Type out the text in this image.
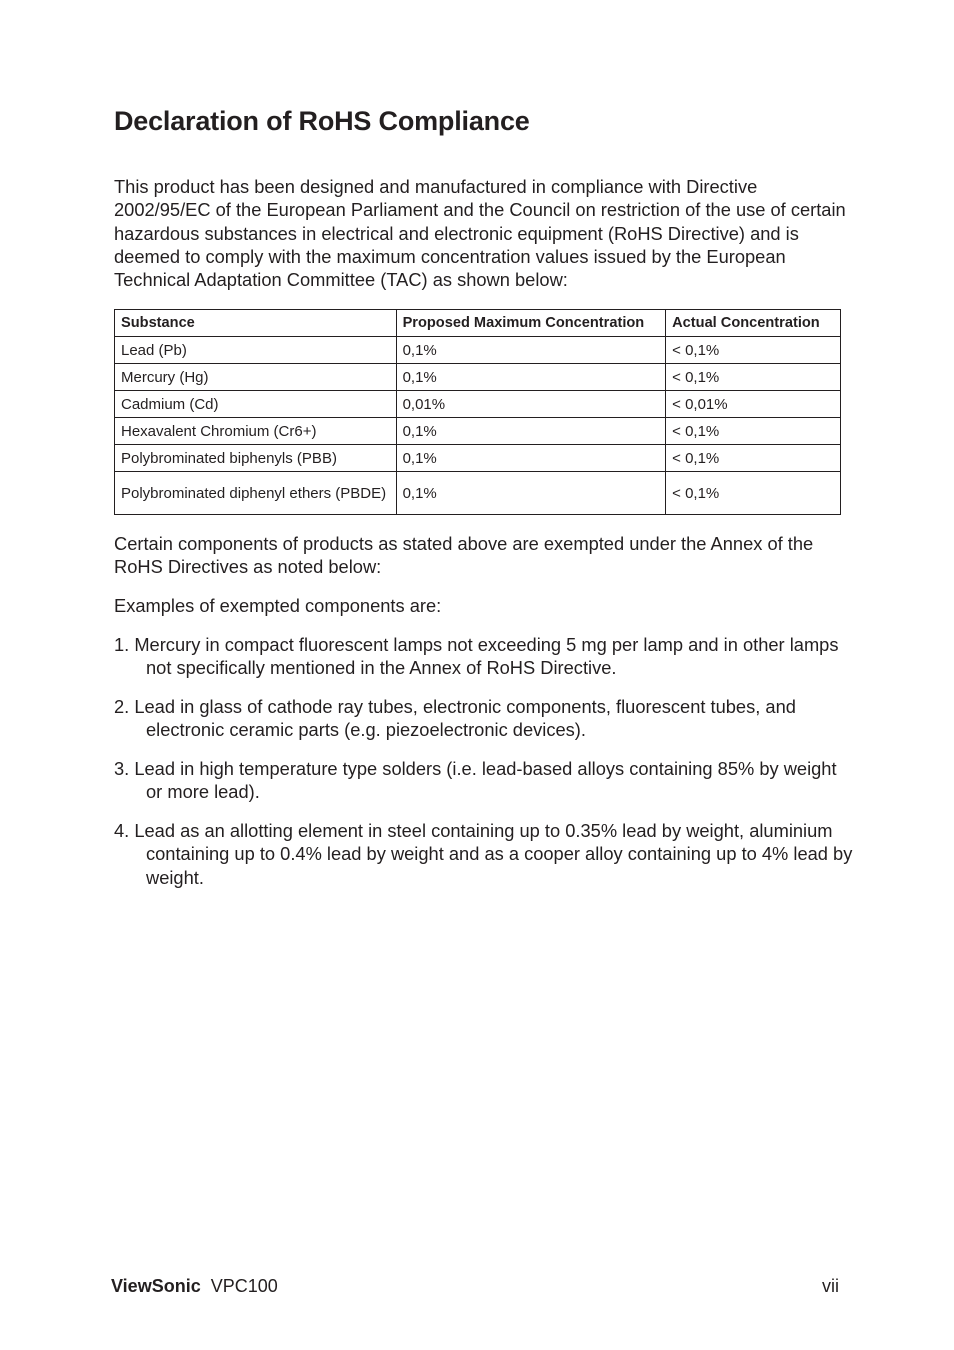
Declaration of RoHS Compliance

This product has been designed and manufactured in compliance with Directive 2002/95/EC of the European Parliament and the Council on restriction of the use of certain hazardous substances in electrical and electronic equipment (RoHS Directive) and is deemed to comply with the maximum concentration values issued by the European Technical Adaptation Committee (TAC) as shown below:

Substance	Proposed Maximum Concentration	Actual Concentration
Lead (Pb)	0,1%	< 0,1%
Mercury (Hg)	0,1%	< 0,1%
Cadmium (Cd)	0,01%	< 0,01%
Hexavalent Chromium (Cr6+)	0,1%	< 0,1%
Polybrominated biphenyls (PBB)	0,1%	< 0,1%
Polybrominated diphenyl ethers (PBDE)	0,1%	< 0,1%

Certain components of products as stated above are exempted under the Annex of the RoHS Directives as noted below:

Examples of exempted components are:

1. Mercury in compact fluorescent lamps not exceeding 5 mg per lamp and in other lamps not specifically mentioned in the Annex of RoHS Directive.

2. Lead in glass of cathode ray tubes, electronic components, fluorescent tubes, and electronic ceramic parts (e.g. piezoelectronic devices).

3. Lead in high temperature type solders (i.e. lead-based alloys containing 85% by weight or more lead).

4. Lead as an allotting element in steel containing up to 0.35% lead by weight, aluminium containing up to 0.4% lead by weight and as a cooper alloy containing up to 4% lead by weight.

ViewSonic VPC100	vii
